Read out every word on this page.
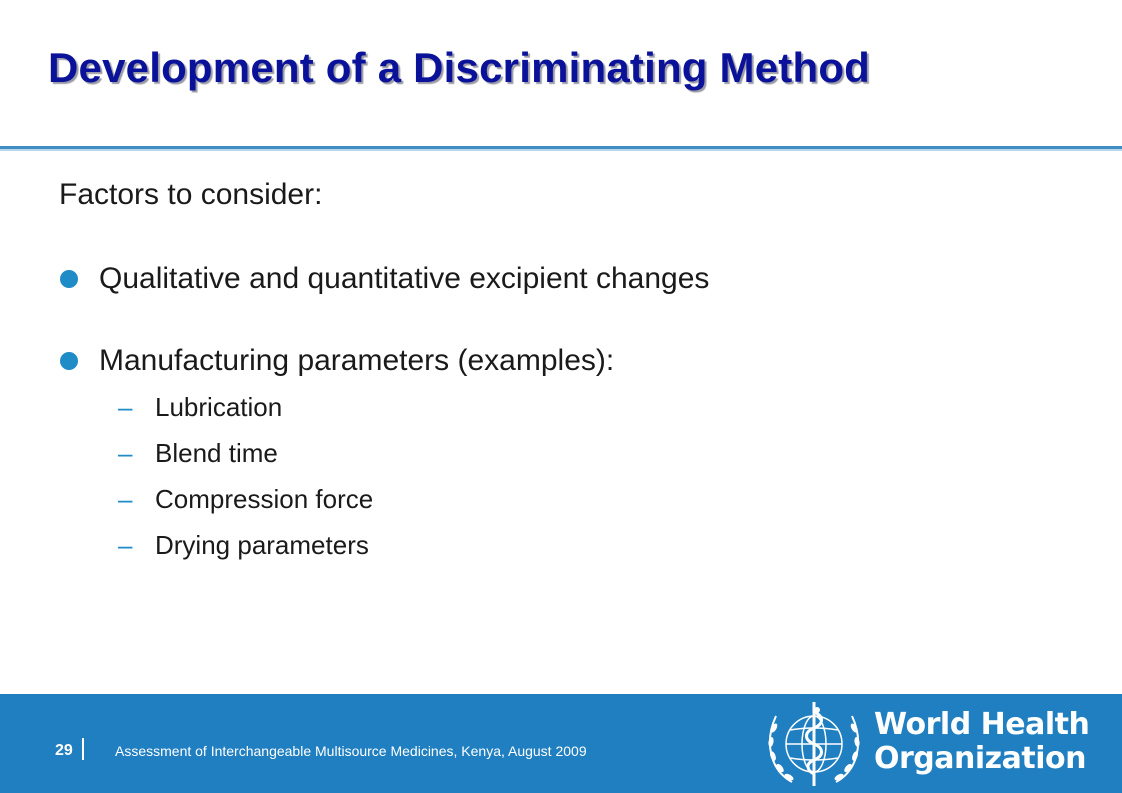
Development of a Discriminating Method
Factors to consider:
Qualitative and quantitative excipient changes
Manufacturing parameters (examples):
– Lubrication
– Blend time
– Compression force
– Drying parameters
29	Assessment of Interchangeable Multisource Medicines, Kenya, August 2009
World Health
Organization
